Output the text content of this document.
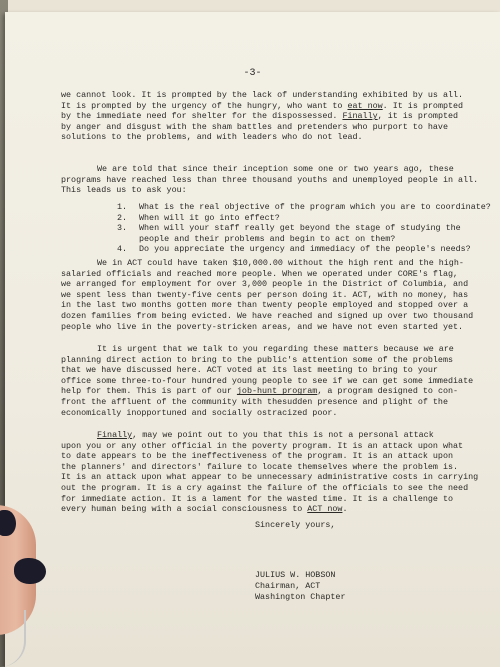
-3-
we cannot look. It is prompted by the lack of understanding exhibited by us all.
It is prompted by the urgency of the hungry, who want to eat now. It is prompted
by the immediate need for shelter for the dispossessed. Finally, it is prompted
by anger and disgust with the sham battles and pretenders who purport to have
solutions to the problems, and with leaders who do not lead.
We are told that since their inception some one or two years ago, these
programs have reached less than three thousand youths and unemployed people in all.
This leads us to ask you:
1.	What is the real objective of the program which you are to coordinate?
2.	When will it go into effect?
3.	When will your staff really get beyond the stage of studying the
people and their problems and begin to act on them?
4.	Do you appreciate the urgency and immediacy of the people's needs?
We in ACT could have taken $10,000.00 without the high rent and the high-
salaried officials and reached more people. When we operated under CORE's flag,
we arranged for employment for over 3,000 people in the District of Columbia, and
we spent less than twenty-five cents per person doing it. ACT, with no money, has
in the last two months gotten more than twenty people employed and stopped over a
dozen families from being evicted. We have reached and signed up over two thousand
people who live in the poverty-stricken areas, and we have not even started yet.
It is urgent that we talk to you regarding these matters because we are
planning direct action to bring to the public's attention some of the problems
that we have discussed here. ACT voted at its last meeting to bring to your
office some three-to-four hundred young people to see if we can get some immediate
help for them. This is part of our job-hunt program, a program designed to con-
front the affluent of the community with thesudden presence and plight of the
economically inopportuned and socially ostracized poor.
Finally, may we point out to you that this is not a personal attack
upon you or any other official in the poverty program. It is an attack upon what
to date appears to be the ineffectiveness of the program. It is an attack upon
the planners' and directors' failure to locate themselves where the problem is.
It is an attack upon what appear to be unnecessary administrative costs in carrying
out the program. It is a cry against the failure of the officials to see the need
for immediate action. It is a lament for the wasted time. It is a challenge to
every human being with a social consciousness to ACT now.
Sincerely yours,
JULIUS W. HOBSON
Chairman, ACT
Washington Chapter
